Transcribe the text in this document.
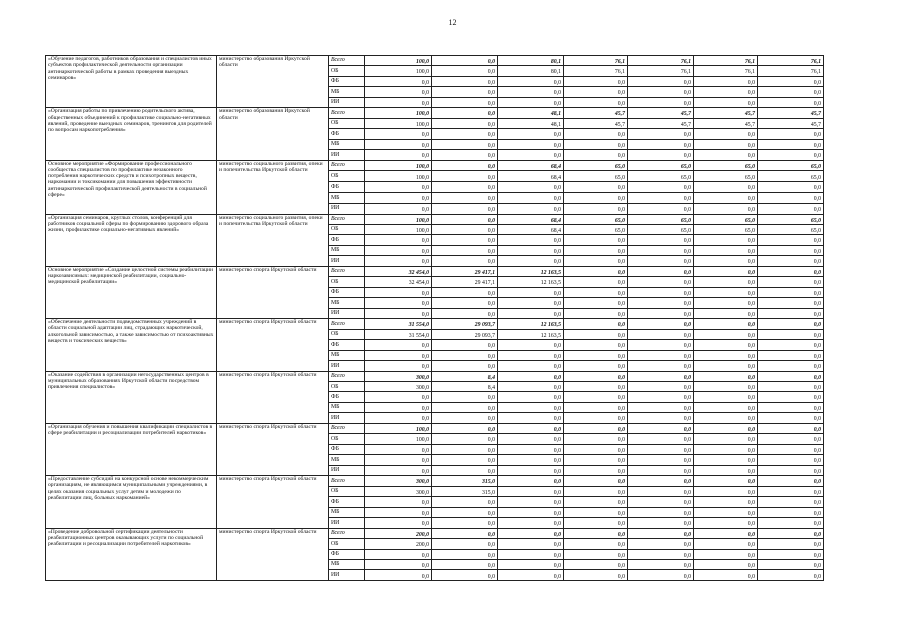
12
«Обучение педагогов, работников образования и специалистов иных субъектов профилактической деятельности организации антинаркотической работы в рамках проведения выездных семинаров»	министерство образования Иркутской области	Всего	100,0	0,0	80,1	76,1	76,1	76,1	76,1
		ОБ	100,0	0,0	80,1	76,1	76,1	76,1	76,1
		ФБ	0,0	0,0	0,0	0,0	0,0	0,0	0,0
		МБ	0,0	0,0	0,0	0,0	0,0	0,0	0,0
		ИИ	0,0	0,0	0,0	0,0	0,0	0,0	0,0
«Организация работы по привлечению родительского актива, общественных объединений к профилактике социально-негативных явлений, проведение выездных семинаров, тренингов для родителей по вопросам наркопотребления»	министерство образования Иркутской области	Всего	100,0	0,0	48,1	45,7	45,7	45,7	45,7
		ОБ	100,0	0,0	48,1	45,7	45,7	45,7	45,7
		ФБ	0,0	0,0	0,0	0,0	0,0	0,0	0,0
		МБ	0,0	0,0	0,0	0,0	0,0	0,0	0,0
		ИИ	0,0	0,0	0,0	0,0	0,0	0,0	0,0
Основное мероприятие «Формирование профессионального сообщества специалистов по профилактике незаконного потребления наркотических средств и психотропных веществ, наркомании и токсикомании для повышения эффективности антинаркотической профилактической деятельности в социальной сфере»	министерство социального развития, опеки и попечительства Иркутской области	Всего	100,0	0,0	68,4	65,0	65,0	65,0	65,0
		ОБ	100,0	0,0	68,4	65,0	65,0	65,0	65,0
		ФБ	0,0	0,0	0,0	0,0	0,0	0,0	0,0
		МБ	0,0	0,0	0,0	0,0	0,0	0,0	0,0
		ИИ	0,0	0,0	0,0	0,0	0,0	0,0	0,0
«Организация семинаров, круглых столов, конференций для работников социальной сферы по формированию здорового образа жизни, профилактике социально-негативных явлений»	министерство социального развития, опеки и попечительства Иркутской области	Всего	100,0	0,0	68,4	65,0	65,0	65,0	65,0
		ОБ	100,0	0,0	68,4	65,0	65,0	65,0	65,0
		ФБ	0,0	0,0	0,0	0,0	0,0	0,0	0,0
		МБ	0,0	0,0	0,0	0,0	0,0	0,0	0,0
		ИИ	0,0	0,0	0,0	0,0	0,0	0,0	0,0
Основное мероприятие «Создание целостной системы реабилитации наркозависимых: медицинской реабилитации, социально-медицинской реабилитации»	министерство спорта Иркутской области	Всего	32 454,0	29 417,1	12 163,5	0,0	0,0	0,0	0,0
		ОБ	32 454,0	29 417,1	12 163,5	0,0	0,0	0,0	0,0
		ФБ	0,0	0,0	0,0	0,0	0,0	0,0	0,0
		МБ	0,0	0,0	0,0	0,0	0,0	0,0	0,0
		ИИ	0,0	0,0	0,0	0,0	0,0	0,0	0,0
«Обеспечение деятельности подведомственных учреждений в области социальной адаптации лиц, страдающих наркотической, алкогольной зависимостью, а также зависимостью от психоактивных веществ и токсических веществ»	министерство спорта Иркутской области	Всего	31 554,0	29 093,7	12 163,5	0,0	0,0	0,0	0,0
		ОБ	31 554,0	29 093,7	12 163,5	0,0	0,0	0,0	0,0
		ФБ	0,0	0,0	0,0	0,0	0,0	0,0	0,0
		МБ	0,0	0,0	0,0	0,0	0,0	0,0	0,0
		ИИ	0,0	0,0	0,0	0,0	0,0	0,0	0,0
«Оказание содействия в организации негосударственных центров в муниципальных образованиях Иркутской области посредством привлечения специалистов»	министерство спорта Иркутской области	Всего	300,0	8,4	0,0	0,0	0,0	0,0	0,0
		ОБ	300,0	8,4	0,0	0,0	0,0	0,0	0,0
		ФБ	0,0	0,0	0,0	0,0	0,0	0,0	0,0
		МБ	0,0	0,0	0,0	0,0	0,0	0,0	0,0
		ИИ	0,0	0,0	0,0	0,0	0,0	0,0	0,0
«Организация обучения и повышения квалификации специалистов в сфере реабилитации и ресоциализации потребителей наркотиков»	министерство спорта Иркутской области	Всего	100,0	0,0	0,0	0,0	0,0	0,0	0,0
		ОБ	100,0	0,0	0,0	0,0	0,0	0,0	0,0
		ФБ	0,0	0,0	0,0	0,0	0,0	0,0	0,0
		МБ	0,0	0,0	0,0	0,0	0,0	0,0	0,0
		ИИ	0,0	0,0	0,0	0,0	0,0	0,0	0,0
«Предоставление субсидий на конкурсной основе некоммерческим организациям, не являющимся муниципальными учреждениями, в целях оказания социальных услуг детям и молодежи по реабилитации лиц, больных наркоманией»	министерство спорта Иркутской области	Всего	300,0	315,0	0,0	0,0	0,0	0,0	0,0
		ОБ	300,0	315,0	0,0	0,0	0,0	0,0	0,0
		ФБ	0,0	0,0	0,0	0,0	0,0	0,0	0,0
		МБ	0,0	0,0	0,0	0,0	0,0	0,0	0,0
		ИИ	0,0	0,0	0,0	0,0	0,0	0,0	0,0
«Проведение добровольной сертификации деятельности реабилитационных центров оказывающих услуги по социальной реабилитации и ресоциализации потребителей наркотиков»	министерство спорта Иркутской области	Всего	200,0	0,0	0,0	0,0	0,0	0,0	0,0
		ОБ	200,0	0,0	0,0	0,0	0,0	0,0	0,0
		ФБ	0,0	0,0	0,0	0,0	0,0	0,0	0,0
		МБ	0,0	0,0	0,0	0,0	0,0	0,0	0,0
		ИИ	0,0	0,0	0,0	0,0	0,0	0,0	0,0
